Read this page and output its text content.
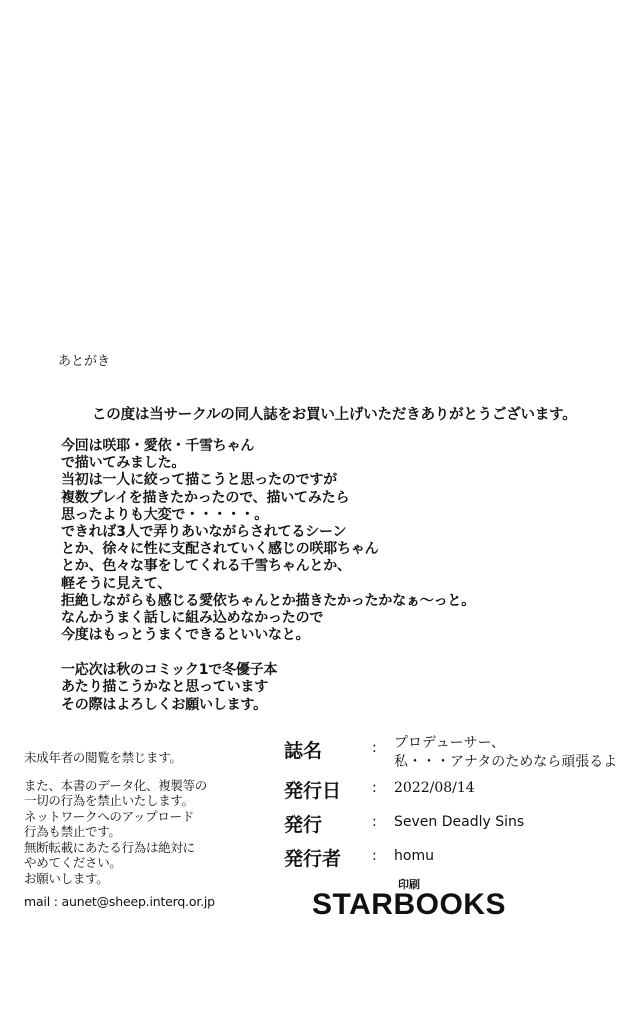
あとがき
この度は当サークルの同人誌をお買い上げいただきありがとうございます。
今回は咲耶・愛依・千雪ちゃん
で描いてみました。
当初は一人に絞って描こうと思ったのですが
複数プレイを描きたかったので、描いてみたら
思ったよりも大変で・・・・・。
できれば3人で弄りあいながらされてるシーン
とか、徐々に性に支配されていく感じの咲耶ちゃん
とか、色々な事をしてくれる千雪ちゃんとか、
軽そうに見えて、
拒絶しながらも感じる愛依ちゃんとか描きたかったかなぁ～っと。
なんかうまく話しに組み込めなかったので
今度はもっとうまくできるといいなと。
一応次は秋のコミック1で冬優子本
あたり描こうかなと思っています
その際はよろしくお願いします。
未成年者の閲覧を禁じます。
また、本書のデータ化、複製等の
一切の行為を禁止いたします。
ネットワークへのアップロード
行為も禁止です。
無断転載にあたる行為は絶対に
やめてください。
お願いします。
mail : aunet@sheep.interq.or.jp
誌名	: プロデューサー、
私・・・アナタのためなら頑張るよ
発行日 : 2022/08/14
発行	: Seven Deadly Sins
発行者 : homu
印刷
STARBOOKS
